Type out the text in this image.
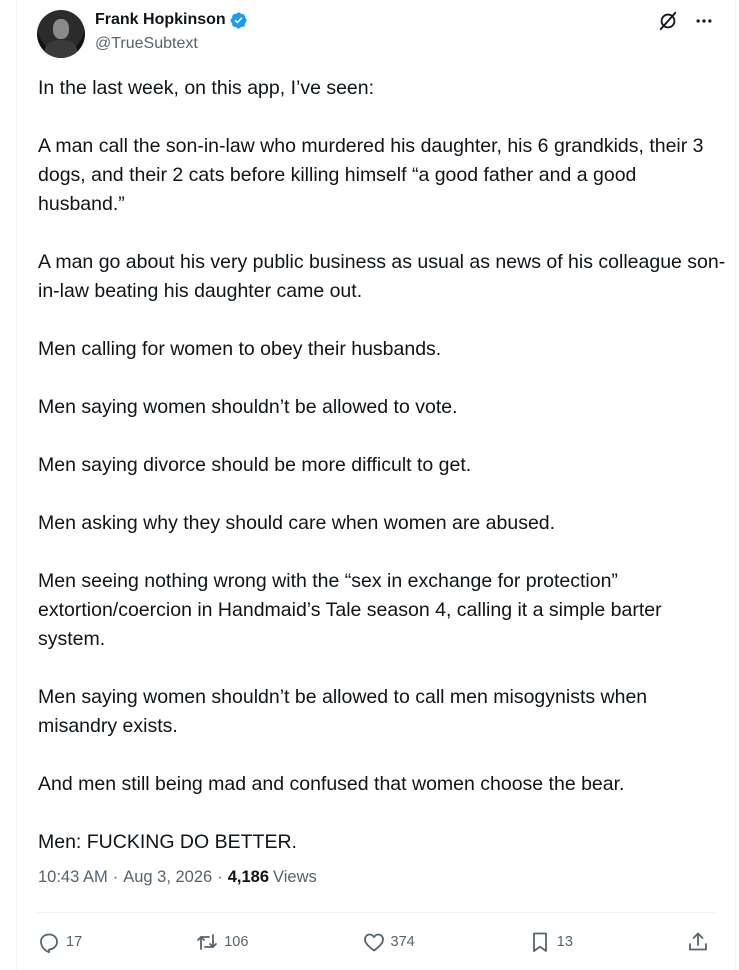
Frank Hopkinson
@TrueSubtext

In the last week, on this app, I’ve seen:

A man call the son-in-law who murdered his daughter, his 6 grandkids, their 3 dogs, and their 2 cats before killing himself “a good father and a good husband.”

A man go about his very public business as usual as news of his colleague son-in-law beating his daughter came out.

Men calling for women to obey their husbands.

Men saying women shouldn’t be allowed to vote.

Men saying divorce should be more difficult to get.

Men asking why they should care when women are abused.

Men seeing nothing wrong with the “sex in exchange for protection” extortion/coercion in Handmaid’s Tale season 4, calling it a simple barter system.

Men saying women shouldn’t be allowed to call men misogynists when misandry exists.

And men still being mad and confused that women choose the bear.

Men: FUCKING DO BETTER.

10:43 AM · Aug 3, 2026 · 4,186 Views
17	106	374	13
